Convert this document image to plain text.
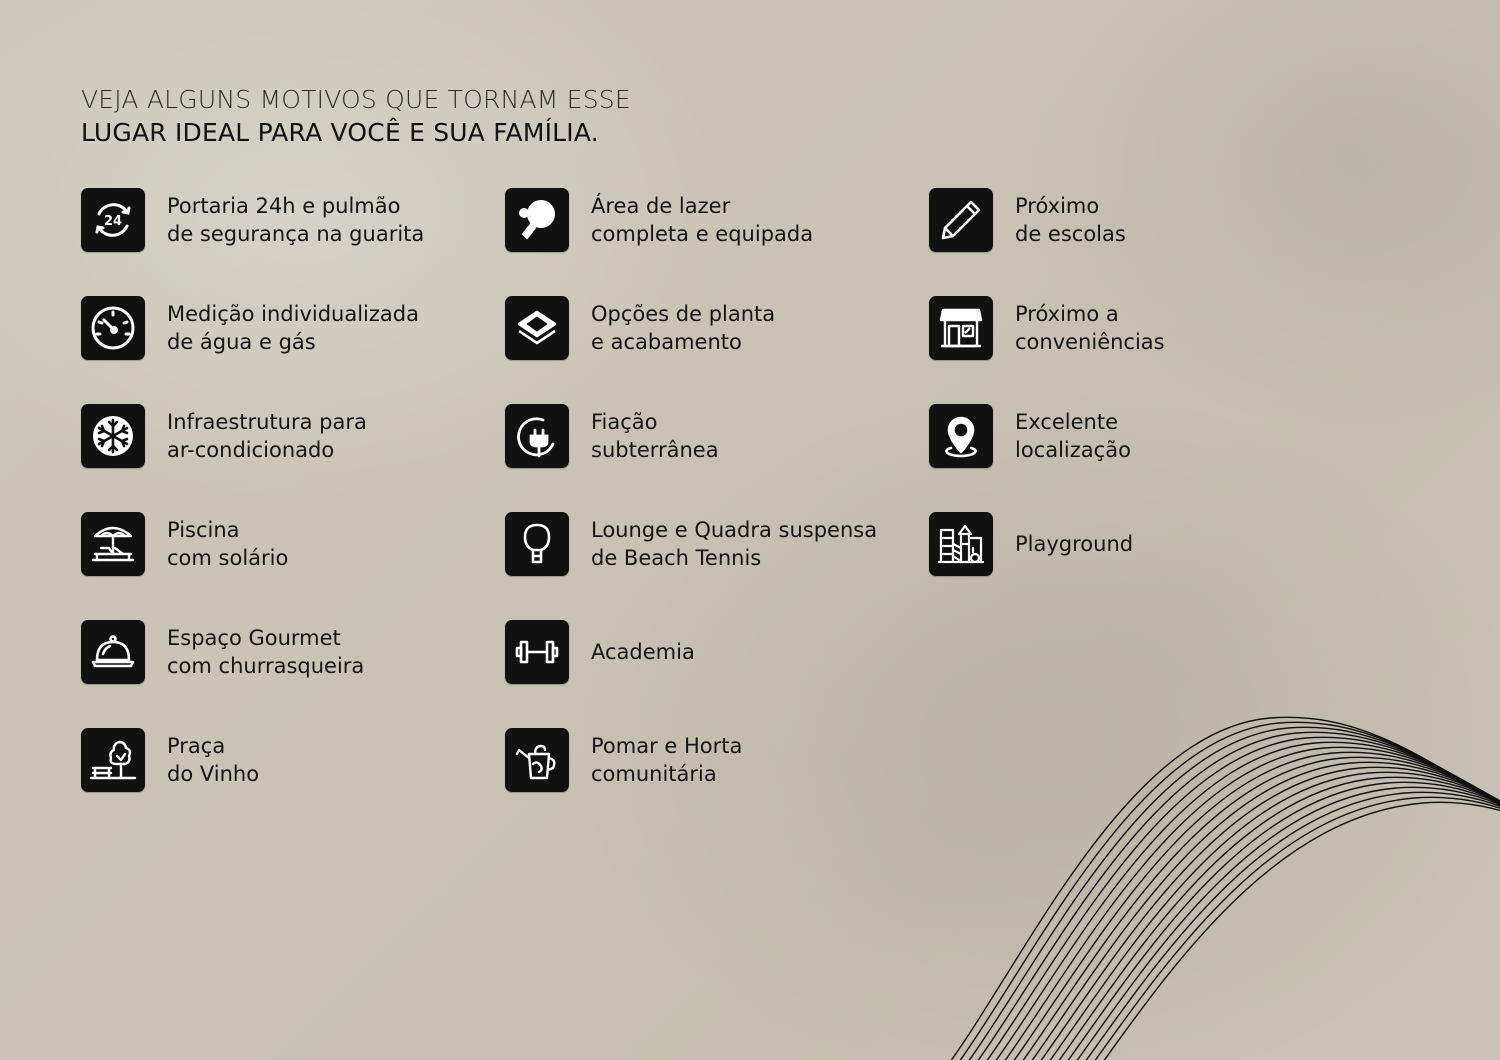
VEJA ALGUNS MOTIVOS QUE TORNAM ESSE
LUGAR IDEAL PARA VOCÊ E SUA FAMÍLIA.
24
Portaria 24h e pulmão
de segurança na guarita
Medição individualizada
de água e gás
Infraestrutura para
ar-condicionado
Piscina
com solário
Espaço Gourmet
com churrasqueira
Praça
do Vinho
Área de lazer
completa e equipada
Opções de planta
e acabamento
Fiação
subterrânea
Lounge e Quadra suspensa
de Beach Tennis
Academia
Pomar e Horta
comunitária
Próximo
de escolas
Próximo a
conveniências
Excelente
localização
Playground
